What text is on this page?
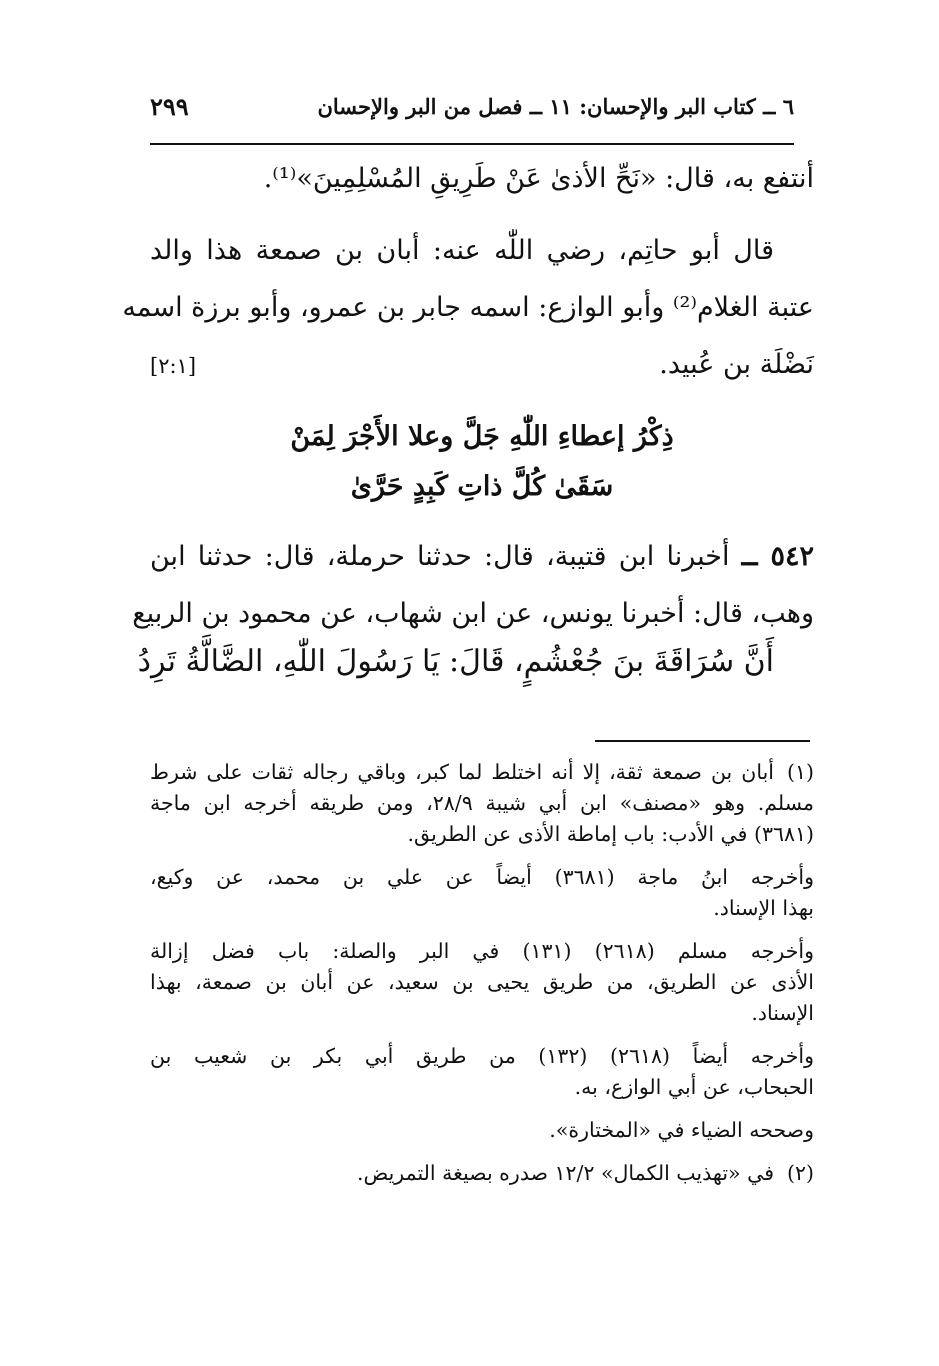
٦ ــ كتاب البر والإحسان: ١١ ــ فصل من البر والإحسان
٢٩٩
أنتفع به، قال: «نَحِّ الأذىٰ عَنْ طَرِيقِ المُسْلِمِينَ»⁽¹⁾.
قال أبو حاتِم، رضي اللّٰه عنه: أبان بن صمعة هذا والد
عتبة الغلام⁽²⁾ وأبو الوازع: اسمه جابر بن عمرو، وأبو برزة اسمه
نَضْلَة بن عُبيد.
[٢:١]
ذِكْرُ إعطاءِ اللّٰهِ جَلَّ وعلا الأَجْرَ لِمَنْ
سَقَىٰ كُلَّ ذاتِ كَبِدٍ حَرَّىٰ
٥٤٢ ــ أخبرنا ابن قتيبة، قال: حدثنا حرملة، قال: حدثنا ابن
وهب، قال: أخبرنا يونس، عن ابن شهاب، عن محمود بن الربيع
أَنَّ سُرَاقَةَ بنَ جُعْشُمٍ، قَالَ: يَا رَسُولَ اللّٰهِ، الضَّالَّةُ تَرِدُ
(١)
أبان بن صمعة ثقة، إلا أنه اختلط لما كبر، وباقي رجاله ثقات على شرط
مسلم. وهو «مصنف» ابن أبي شيبة ٢٨/٩، ومن طريقه أخرجه ابن ماجة
(٣٦٨١) في الأدب: باب إماطة الأذى عن الطريق.
وأخرجه ابنُ ماجة (٣٦٨١) أيضاً عن علي بن محمد، عن وكيع،
بهذا الإسناد.
وأخرجه مسلم (٢٦١٨) (١٣١) في البر والصلة: باب فضل إزالة
الأذى عن الطريق، من طريق يحيى بن سعيد، عن أبان بن صمعة، بهذا
الإسناد.
وأخرجه أيضاً (٢٦١٨) (١٣٢) من طريق أبي بكر بن شعيب بن
الحبحاب، عن أبي الوازع، به.
وصححه الضياء في «المختارة».
(٢)
في «تهذيب الكمال» ١٢/٢ صدره بصيغة التمريض.
